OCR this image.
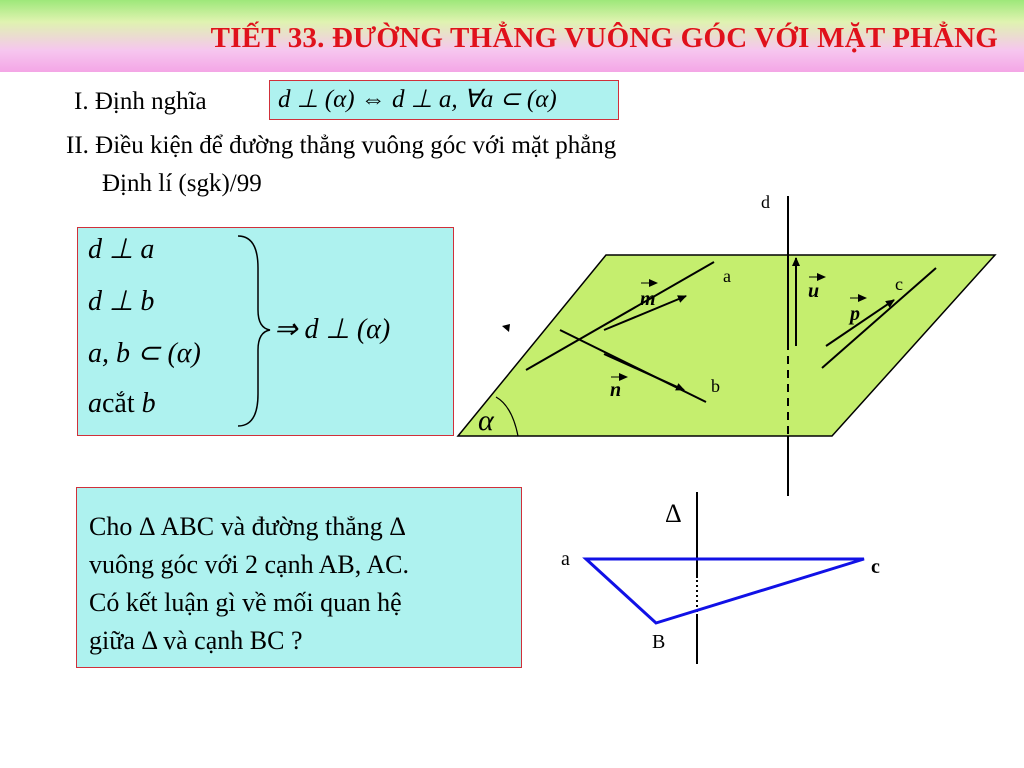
TIẾT 33. ĐƯỜNG THẲNG VUÔNG GÓC VỚI MẶT PHẲNG
I. Định nghĩa	d ⊥ (α) ⇔ d ⊥ a, ∀a ⊂ (α)
II. Điều kiện để đường thẳng vuông góc với mặt phẳng
Định lí (sgk)/99
d ⊥ a
d ⊥ b
a, b ⊂ (α)
acắt b
⇒ d ⊥ (α)
α
d
a
b
c
m
n
u
p
Cho Δ ABC và đường thẳng Δ
vuông góc với 2 cạnh AB, AC.
Có kết luận gì về mối quan hệ
giữa Δ và cạnh BC ?
Δ
a	c
B
